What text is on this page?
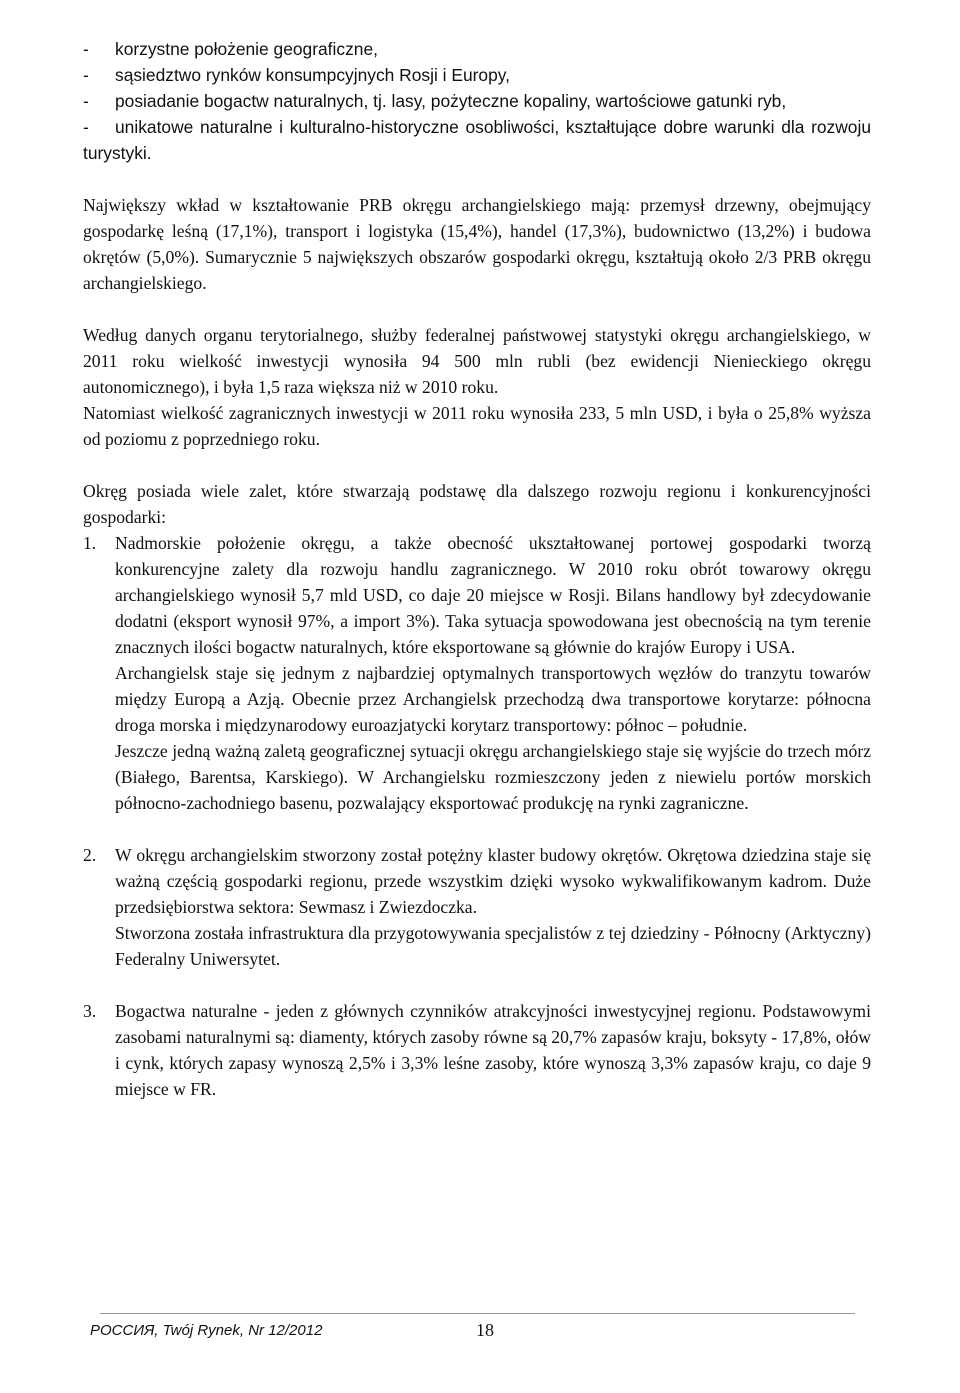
-	korzystne położenie geograficzne,
-	sąsiedztwo rynków konsumpcyjnych Rosji i Europy,
- posiadanie bogactw naturalnych, tj. lasy, pożyteczne kopaliny, wartościowe gatunki ryb,
- unikatowe naturalne i kulturalno-historyczne osobliwości, kształtujące dobre warunki dla rozwoju turystyki.

Największy wkład w kształtowanie PRB okręgu archangielskiego mają: przemysł drzewny, obejmujący gospodarkę leśną (17,1%), transport i logistyka (15,4%), handel (17,3%), budownictwo (13,2%) i budowa okrętów (5,0%). Sumarycznie 5 największych obszarów gospodarki okręgu, kształtują około 2/3 PRB okręgu archangielskiego.

Według danych organu terytorialnego, służby federalnej państwowej statystyki okręgu archangielskiego, w 2011 roku wielkość inwestycji wynosiła 94 500 mln rubli (bez ewidencji Nienieckiego okręgu autonomicznego), i była 1,5 raza większa niż w 2010 roku.

Natomiast wielkość zagranicznych inwestycji w 2011 roku wynosiła 233, 5 mln USD, i była o 25,8% wyższa od poziomu z poprzedniego roku.

Okręg posiada wiele zalet, które stwarzają podstawę dla dalszego rozwoju regionu i konkurencyjności gospodarki:

1.	Nadmorskie położenie okręgu, a także obecność ukształtowanej portowej gospodarki tworzą konkurencyjne zalety dla rozwoju handlu zagranicznego. W 2010 roku obrót towarowy okręgu archangielskiego wynosił 5,7 mld USD, co daje 20 miejsce w Rosji. Bilans handlowy był zdecydowanie dodatni (eksport wynosił 97%, a import 3%). Taka sytuacja spowodowana jest obecnością na tym terenie znacznych ilości bogactw naturalnych, które eksportowane są głównie do krajów Europy i USA.

Archangielsk staje się jednym z najbardziej optymalnych transportowych węzłów do tranzytu towarów między Europą a Azją. Obecnie przez Archangielsk przechodzą dwa transportowe korytarze: północna droga morska i międzynarodowy euroazjatycki korytarz transportowy: północ – południe.

Jeszcze jedną ważną zaletą geograficznej sytuacji okręgu archangielskiego staje się wyjście do trzech mórz (Białego, Barentsa, Karskiego). W Archangielsku rozmieszczony jeden z niewielu portów morskich północno-zachodniego basenu, pozwalający eksportować produkcję na rynki zagraniczne.

2.	W okręgu archangielskim stworzony został potężny klaster budowy okrętów. Okrętowa dziedzina staje się ważną częścią gospodarki regionu, przede wszystkim dzięki wysoko wykwalifikowanym kadrom. Duże przedsiębiorstwa sektora: Sewmasz i Zwiezdoczka.

Stworzona została infrastruktura dla przygotowywania specjalistów z tej dziedziny - Północny (Arktyczny) Federalny Uniwersytet.

3.	Bogactwa naturalne - jeden z głównych czynników atrakcyjności inwestycyjnej regionu. Podstawowymi zasobami naturalnymi są: diamenty, których zasoby równe są 20,7% zapasów kraju, boksyty - 17,8%, ołów i cynk, których zapasy wynoszą 2,5% i 3,3% leśne zasoby, które wynoszą 3,3% zapasów kraju, co daje 9 miejsce w FR.

РОССИЯ, Twój Rynek, Nr 12/2012	18
